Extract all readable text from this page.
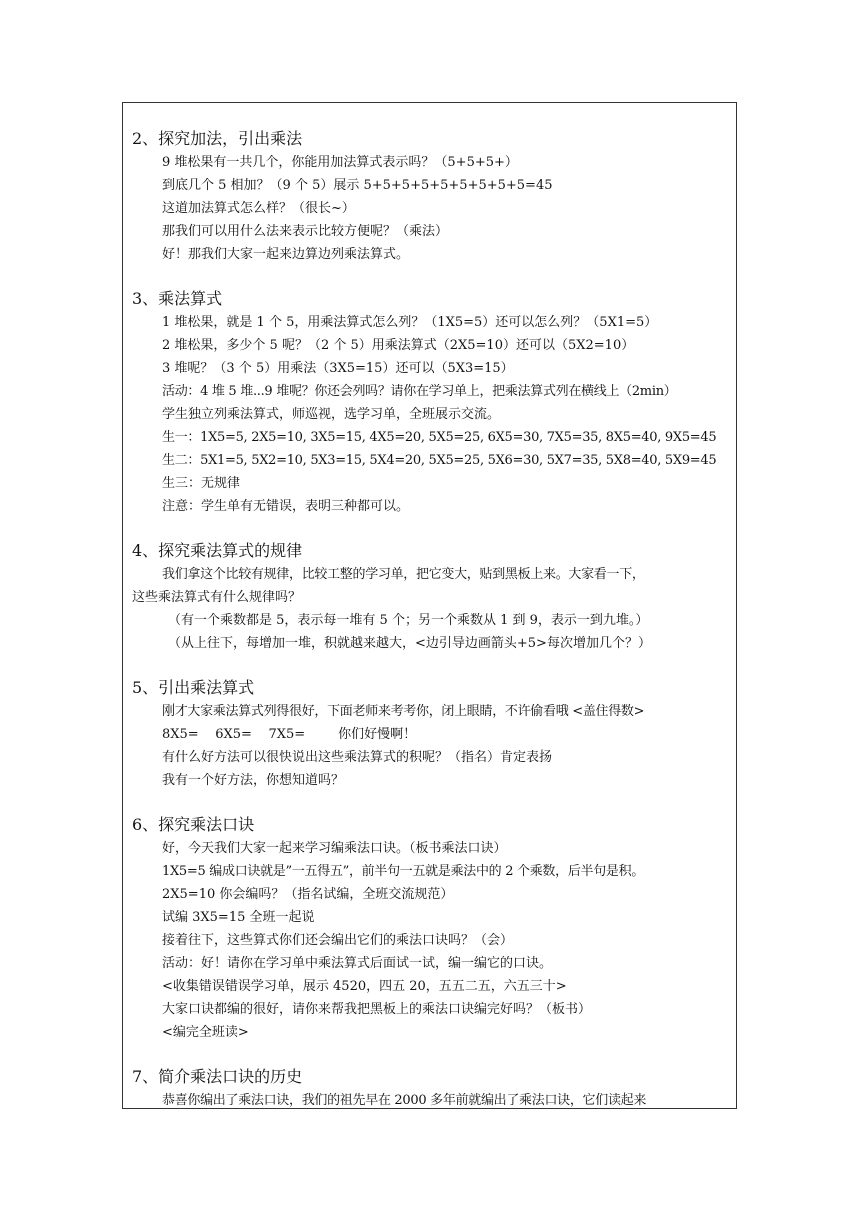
2、探究加法，引出乘法
9 堆松果有一共几个，你能用加法算式表示吗？（5+5+5+）
到底几个 5 相加？（9 个 5）展示 5+5+5+5+5+5+5+5+5=45
这道加法算式怎么样？（很长~）
那我们可以用什么法来表示比较方便呢？（乘法）
好！那我们大家一起来边算边列乘法算式。
3、乘法算式
1 堆松果，就是 1 个 5，用乘法算式怎么列？（1X5=5）还可以怎么列？（5X1=5）
2 堆松果，多少个 5 呢？（2 个 5）用乘法算式（2X5=10）还可以（5X2=10）
3 堆呢？（3 个 5）用乘法（3X5=15）还可以（5X3=15）
活动：4 堆 5 堆...9 堆呢？你还会列吗？请你在学习单上，把乘法算式列在横线上（2min）
学生独立列乘法算式，师巡视，选学习单，全班展示交流。
生一：1X5=5, 2X5=10, 3X5=15, 4X5=20, 5X5=25, 6X5=30, 7X5=35, 8X5=40, 9X5=45
生二：5X1=5, 5X2=10, 5X3=15, 5X4=20, 5X5=25, 5X6=30, 5X7=35, 5X8=40, 5X9=45
生三：无规律
注意：学生单有无错误，表明三种都可以。
4、探究乘法算式的规律
我们拿这个比较有规律，比较工整的学习单，把它变大，贴到黑板上来。大家看一下，
这些乘法算式有什么规律吗？
（有一个乘数都是 5，表示每一堆有 5 个；另一个乘数从 1 到 9，表示一到九堆。）
（从上往下，每增加一堆，积就越来越大，<边引导边画箭头+5>每次增加几个？）
5、引出乘法算式
刚才大家乘法算式列得很好，下面老师来考考你，闭上眼睛，不许偷看哦 <盖住得数>
8X5=    6X5=    7X5=        你们好慢啊！
有什么好方法可以很快说出这些乘法算式的积呢？（指名）肯定表扬
我有一个好方法，你想知道吗？
6、探究乘法口诀
好，今天我们大家一起来学习编乘法口诀。（板书乘法口诀）
1X5=5 编成口诀就是”一五得五”，前半句一五就是乘法中的 2 个乘数，后半句是积。
2X5=10 你会编吗？（指名试编，全班交流规范）
试编 3X5=15 全班一起说
接着往下，这些算式你们还会编出它们的乘法口诀吗？（会）
活动：好！请你在学习单中乘法算式后面试一试，编一编它的口诀。
<收集错误错误学习单，展示 4520，四五 20，五五二五，六五三十>
大家口诀都编的很好，请你来帮我把黑板上的乘法口诀编完好吗？（板书）
<编完全班读>
7、简介乘法口诀的历史
恭喜你编出了乘法口诀，我们的祖先早在 2000 多年前就编出了乘法口诀，它们读起来
